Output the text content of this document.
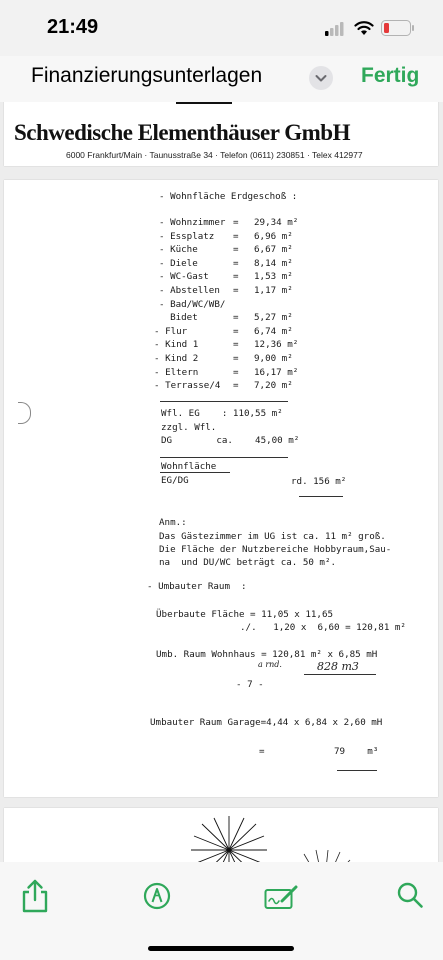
21:49
Finanzierungsunterlagen	Fertig
Schwedische Elementhäuser GmbH
6000 Frankfurt/Main · Taunusstraße 34 · Telefon (0611) 230851 · Telex 412977
- Wohnfläche Erdgeschoß :
- Wohnzimmer = 29,34 m²
- Essplatz = 6,96 m²
- Küche	= 6,67 m²
- Diele	= 8,14 m²
- WC-Gast	= 1,53 m²
- Abstellen = 1,17 m²
- Bad/WC/WB/
Bidet	= 5,27 m²
- Flur	= 6,74 m²
- Kind 1	= 12,36 m²
- Kind 2	= 9,00 m²
- Eltern	= 16,17 m²
- Terrasse/4 = 7,20 m²
Wfl. EG    : 110,55 m²
zzgl. Wfl.
DG        ca.    45,00 m²
Wohnfläche
EG/DG	rd. 156 m²
Anm.:
Das Gästezimmer im UG ist ca. 11 m² groß.
Die Fläche der Nutzbereiche Hobbyraum,Sau-
na  und DU/WC beträgt ca. 50 m².
- Umbauter Raum  :
Überbaute Fläche = 11,05 x 11,65
./.   1,20 x  6,60 = 120,81 m²
Umb. Raum Wohnhaus = 120,81 m² x 6,85 mH
a rnd.	828 m3
- 7 -
Umbauter Raum Garage=4,44 x 6,84 x 2,60 mH
=	79    m³
